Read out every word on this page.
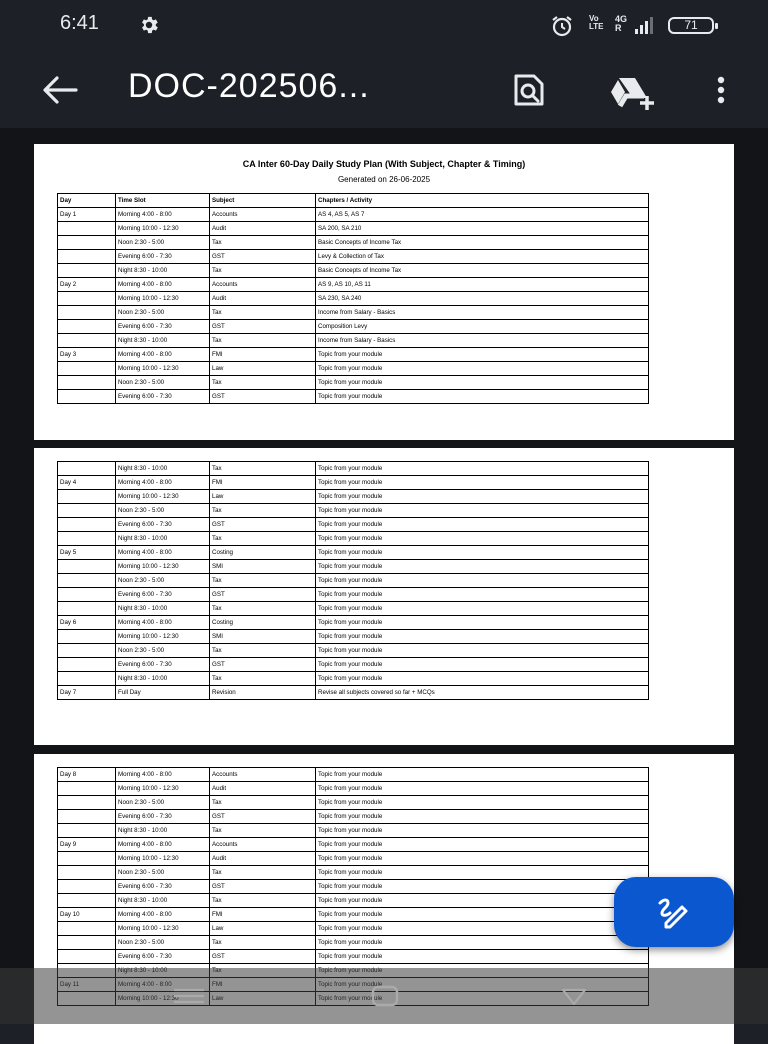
6:41	Vo
LTE
4G
R	71
DOC-202506...
CA Inter 60-Day Daily Study Plan (With Subject, Chapter & Timing)
Generated on 26-06-2025
Day	Time Slot	Subject	Chapters / Activity
Day 1	Morning 4:00 - 8:00	Accounts	AS 4, AS 5, AS 7
	Morning 10:00 - 12:30	Audit	SA 200, SA 210
	Noon 2:30 - 5:00	Tax	Basic Concepts of Income Tax
	Evening 6:00 - 7:30	GST	Levy & Collection of Tax
	Night 8:30 - 10:00	Tax	Basic Concepts of Income Tax
Day 2	Morning 4:00 - 8:00	Accounts	AS 9, AS 10, AS 11
	Morning 10:00 - 12:30	Audit	SA 230, SA 240
	Noon 2:30 - 5:00	Tax	Income from Salary - Basics
	Evening 6:00 - 7:30	GST	Composition Levy
	Night 8:30 - 10:00	Tax	Income from Salary - Basics
Day 3	Morning 4:00 - 8:00	FMI	Topic from your module
	Morning 10:00 - 12:30	Law	Topic from your module
	Noon 2:30 - 5:00	Tax	Topic from your module
	Evening 6:00 - 7:30	GST	Topic from your module
	Night 8:30 - 10:00	Tax	Topic from your module
Day 4	Morning 4:00 - 8:00	FMI	Topic from your module
	Morning 10:00 - 12:30	Law	Topic from your module
	Noon 2:30 - 5:00	Tax	Topic from your module
	Evening 6:00 - 7:30	GST	Topic from your module
	Night 8:30 - 10:00	Tax	Topic from your module
Day 5	Morning 4:00 - 8:00	Costing	Topic from your module
	Morning 10:00 - 12:30	SMI	Topic from your module
	Noon 2:30 - 5:00	Tax	Topic from your module
	Evening 6:00 - 7:30	GST	Topic from your module
	Night 8:30 - 10:00	Tax	Topic from your module
Day 6	Morning 4:00 - 8:00	Costing	Topic from your module
	Morning 10:00 - 12:30	SMI	Topic from your module
	Noon 2:30 - 5:00	Tax	Topic from your module
	Evening 6:00 - 7:30	GST	Topic from your module
	Night 8:30 - 10:00	Tax	Topic from your module
Day 7	Full Day	Revision	Revise all subjects covered so far + MCQs
Day 8	Morning 4:00 - 8:00	Accounts	Topic from your module
	Morning 10:00 - 12:30	Audit	Topic from your module
	Noon 2:30 - 5:00	Tax	Topic from your module
	Evening 6:00 - 7:30	GST	Topic from your module
	Night 8:30 - 10:00	Tax	Topic from your module
Day 9	Morning 4:00 - 8:00	Accounts	Topic from your module
	Morning 10:00 - 12:30	Audit	Topic from your module
	Noon 2:30 - 5:00	Tax	Topic from your module
	Evening 6:00 - 7:30	GST	Topic from your module
	Night 8:30 - 10:00	Tax	Topic from your module
Day 10	Morning 4:00 - 8:00	FMI	Topic from your module
	Morning 10:00 - 12:30	Law	Topic from your module
	Noon 2:30 - 5:00	Tax	Topic from your module
	Evening 6:00 - 7:30	GST	Topic from your module
